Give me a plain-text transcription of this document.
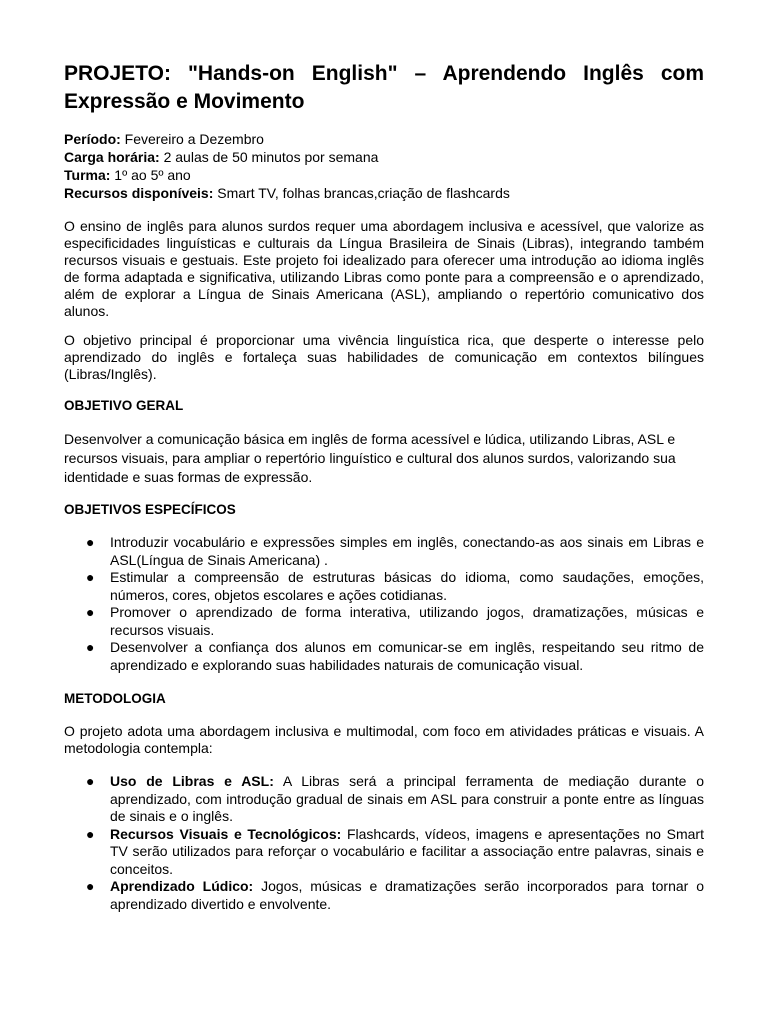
PROJETO: "Hands-on English" – Aprendendo Inglês com Expressão e Movimento
Período: Fevereiro a Dezembro
Carga horária: 2 aulas de 50 minutos por semana
Turma: 1º ao 5º ano
Recursos disponíveis: Smart TV, folhas brancas,criação de flashcards

O ensino de inglês para alunos surdos requer uma abordagem inclusiva e acessível, que valorize as especificidades linguísticas e culturais da Língua Brasileira de Sinais (Libras), integrando também recursos visuais e gestuais. Este projeto foi idealizado para oferecer uma introdução ao idioma inglês de forma adaptada e significativa, utilizando Libras como ponte para a compreensão e o aprendizado, além de explorar a Língua de Sinais Americana (ASL), ampliando o repertório comunicativo dos alunos.

O objetivo principal é proporcionar uma vivência linguística rica, que desperte o interesse pelo aprendizado do inglês e fortaleça suas habilidades de comunicação em contextos bilíngues (Libras/Inglês).

OBJETIVO GERAL

Desenvolver a comunicação básica em inglês de forma acessível e lúdica, utilizando Libras, ASL e recursos visuais, para ampliar o repertório linguístico e cultural dos alunos surdos, valorizando sua identidade e suas formas de expressão.

OBJETIVOS ESPECÍFICOS
● Introduzir vocabulário e expressões simples em inglês, conectando-as aos sinais em Libras e ASL(Língua de Sinais Americana) .
● Estimular a compreensão de estruturas básicas do idioma, como saudações, emoções, números, cores, objetos escolares e ações cotidianas.
● Promover o aprendizado de forma interativa, utilizando jogos, dramatizações, músicas e recursos visuais.
● Desenvolver a confiança dos alunos em comunicar-se em inglês, respeitando seu ritmo de aprendizado e explorando suas habilidades naturais de comunicação visual.
METODOLOGIA

O projeto adota uma abordagem inclusiva e multimodal, com foco em atividades práticas e visuais. A metodologia contempla:

● Uso de Libras e ASL: A Libras será a principal ferramenta de mediação durante o aprendizado, com introdução gradual de sinais em ASL para construir a ponte entre as línguas de sinais e o inglês.
● Recursos Visuais e Tecnológicos: Flashcards, vídeos, imagens e apresentações no Smart TV serão utilizados para reforçar o vocabulário e facilitar a associação entre palavras, sinais e conceitos.
● Aprendizado Lúdico: Jogos, músicas e dramatizações serão incorporados para tornar o aprendizado divertido e envolvente.
